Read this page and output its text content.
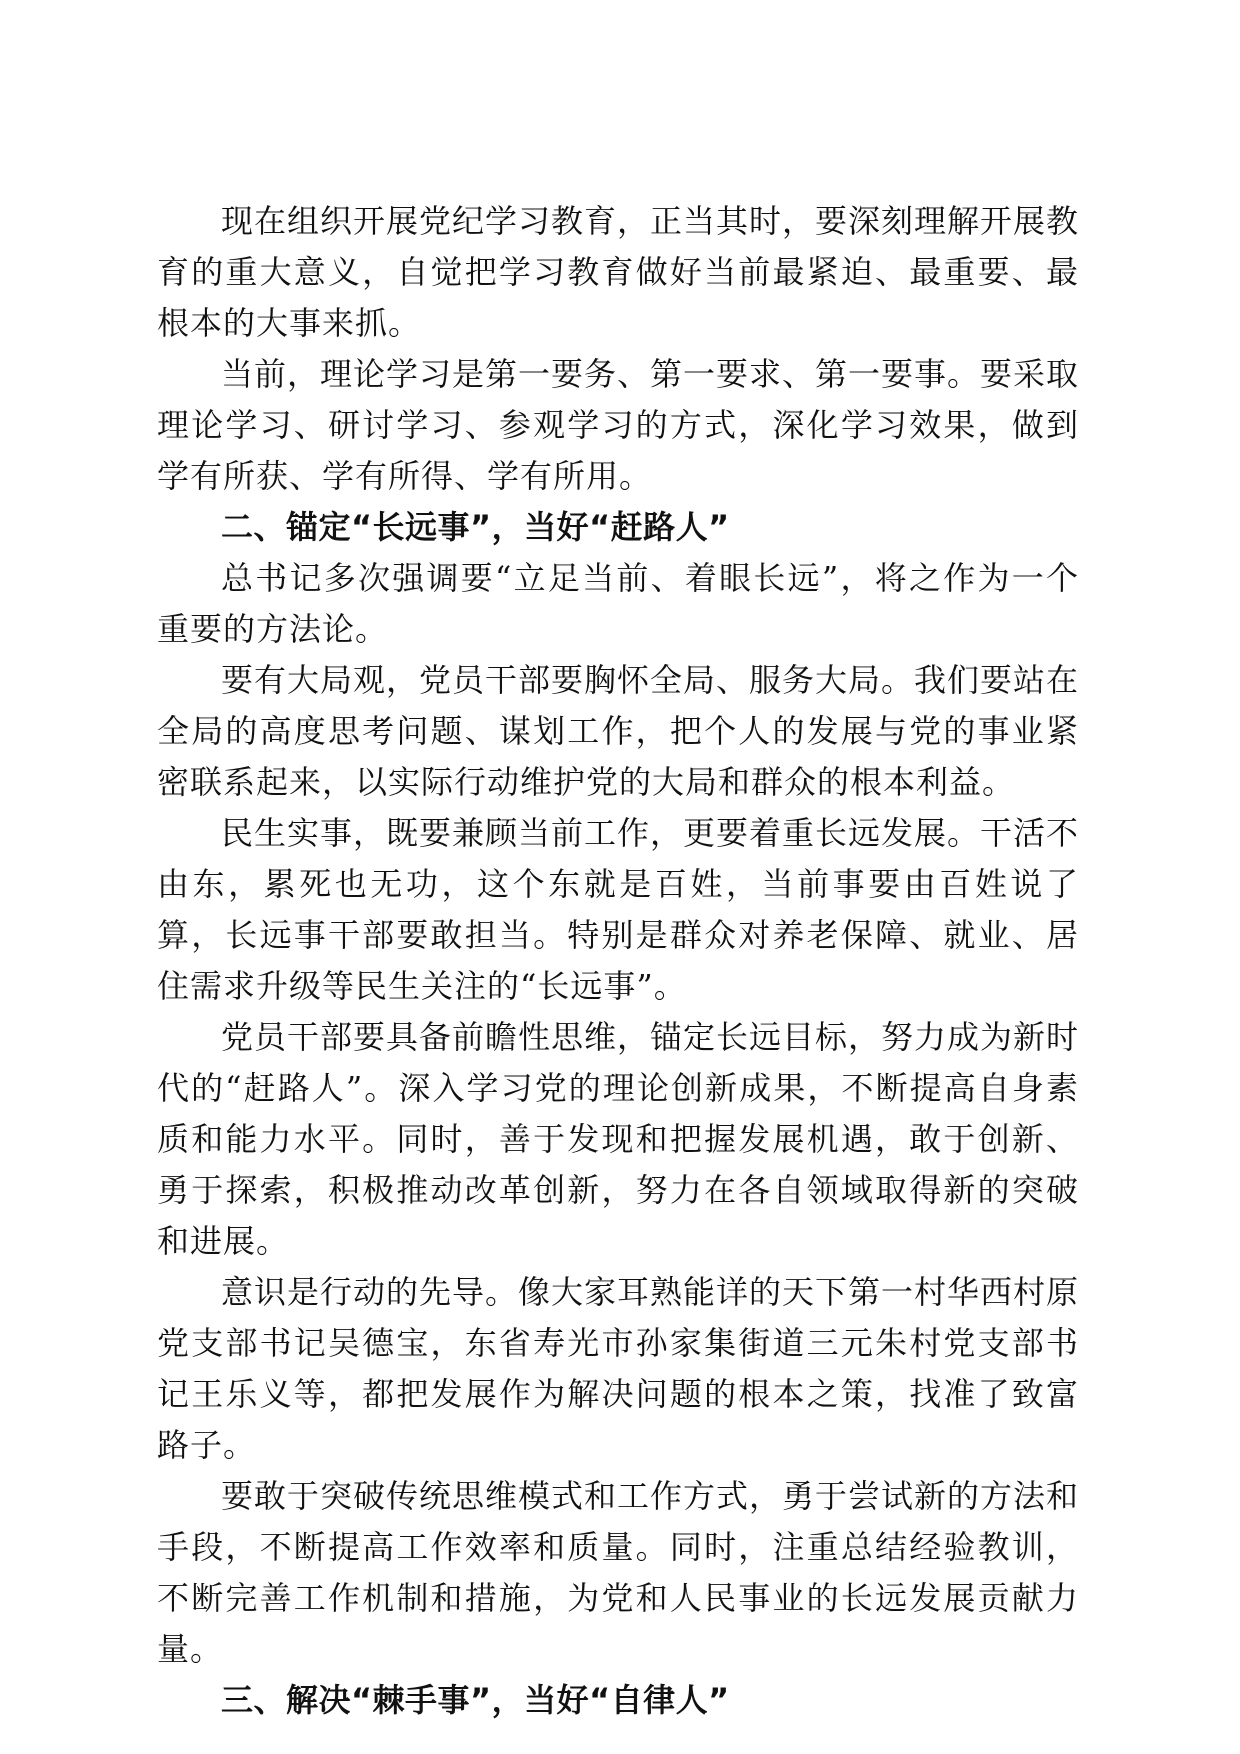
现在组织开展党纪学习教育，正当其时，要深刻理解开展教育的重大意义，自觉把学习教育做好当前最紧迫、最重要、最根本的大事来抓。

当前，理论学习是第一要务、第一要求、第一要事。要采取理论学习、研讨学习、参观学习的方式，深化学习效果，做到学有所获、学有所得、学有所用。

二、锚定“长远事”，当好“赶路人”

总书记多次强调要“立足当前、着眼长远”，将之作为一个重要的方法论。

要有大局观，党员干部要胸怀全局、服务大局。我们要站在全局的高度思考问题、谋划工作，把个人的发展与党的事业紧密联系起来，以实际行动维护党的大局和群众的根本利益。

民生实事，既要兼顾当前工作，更要着重长远发展。干活不由东，累死也无功，这个东就是百姓，当前事要由百姓说了算，长远事干部要敢担当。特别是群众对养老保障、就业、居住需求升级等民生关注的“长远事”。

党员干部要具备前瞻性思维，锚定长远目标，努力成为新时代的“赶路人”。深入学习党的理论创新成果，不断提高自身素质和能力水平。同时，善于发现和把握发展机遇，敢于创新、勇于探索，积极推动改革创新，努力在各自领域取得新的突破和进展。

意识是行动的先导。像大家耳熟能详的天下第一村华西村原党支部书记吴德宝，东省寿光市孙家集街道三元朱村党支部书记王乐义等，都把发展作为解决问题的根本之策，找准了致富路子。

要敢于突破传统思维模式和工作方式，勇于尝试新的方法和手段，不断提高工作效率和质量。同时，注重总结经验教训，不断完善工作机制和措施，为党和人民事业的长远发展贡献力量。

三、解决“棘手事”，当好“自律人”
